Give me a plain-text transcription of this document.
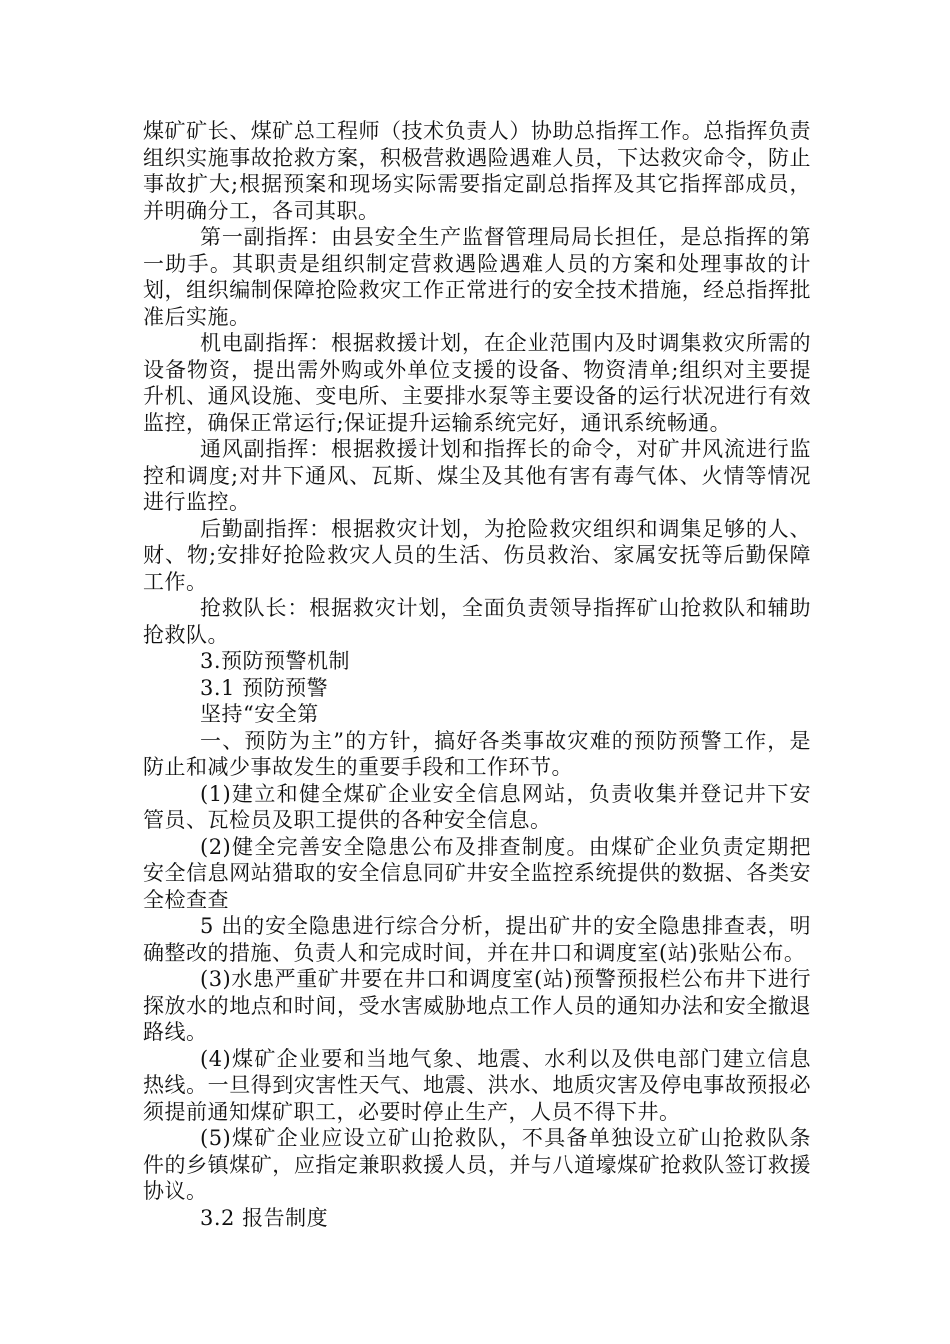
煤矿矿长、煤矿总工程师（技术负责人）协助总指挥工作。总指挥负责组织实施事故抢救方案，积极营救遇险遇难人员，下达救灾命令，防止事故扩大;根据预案和现场实际需要指定副总指挥及其它指挥部成员，并明确分工，各司其职。

第一副指挥：由县安全生产监督管理局局长担任，是总指挥的第一助手。其职责是组织制定营救遇险遇难人员的方案和处理事故的计划，组织编制保障抢险救灾工作正常进行的安全技术措施，经总指挥批准后实施。

机电副指挥：根据救援计划，在企业范围内及时调集救灾所需的设备物资，提出需外购或外单位支援的设备、物资清单;组织对主要提升机、通风设施、变电所、主要排水泵等主要设备的运行状况进行有效监控，确保正常运行;保证提升运输系统完好，通讯系统畅通。

通风副指挥：根据救援计划和指挥长的命令，对矿井风流进行监控和调度;对井下通风、瓦斯、煤尘及其他有害有毒气体、火情等情况进行监控。

后勤副指挥：根据救灾计划，为抢险救灾组织和调集足够的人、财、物;安排好抢险救灾人员的生活、伤员救治、家属安抚等后勤保障工作。

抢救队长：根据救灾计划，全面负责领导指挥矿山抢救队和辅助抢救队。

3.预防预警机制

3.1 预防预警

坚持“安全第

一、预防为主”的方针，搞好各类事故灾难的预防预警工作，是防止和减少事故发生的重要手段和工作环节。

(1)建立和健全煤矿企业安全信息网站，负责收集并登记井下安管员、瓦检员及职工提供的各种安全信息。

(2)健全完善安全隐患公布及排查制度。由煤矿企业负责定期把安全信息网站猎取的安全信息同矿井安全监控系统提供的数据、各类安全检查查

5 出的安全隐患进行综合分析，提出矿井的安全隐患排查表，明确整改的措施、负责人和完成时间，并在井口和调度室(站)张贴公布。

(3)水患严重矿井要在井口和调度室(站)预警预报栏公布井下进行探放水的地点和时间，受水害威胁地点工作人员的通知办法和安全撤退路线。

(4)煤矿企业要和当地气象、地震、水利以及供电部门建立信息热线。一旦得到灾害性天气、地震、洪水、地质灾害及停电事故预报必须提前通知煤矿职工，必要时停止生产，人员不得下井。

(5)煤矿企业应设立矿山抢救队，不具备单独设立矿山抢救队条件的乡镇煤矿，应指定兼职救援人员，并与八道壕煤矿抢救队签订救援协议。

3.2 报告制度
